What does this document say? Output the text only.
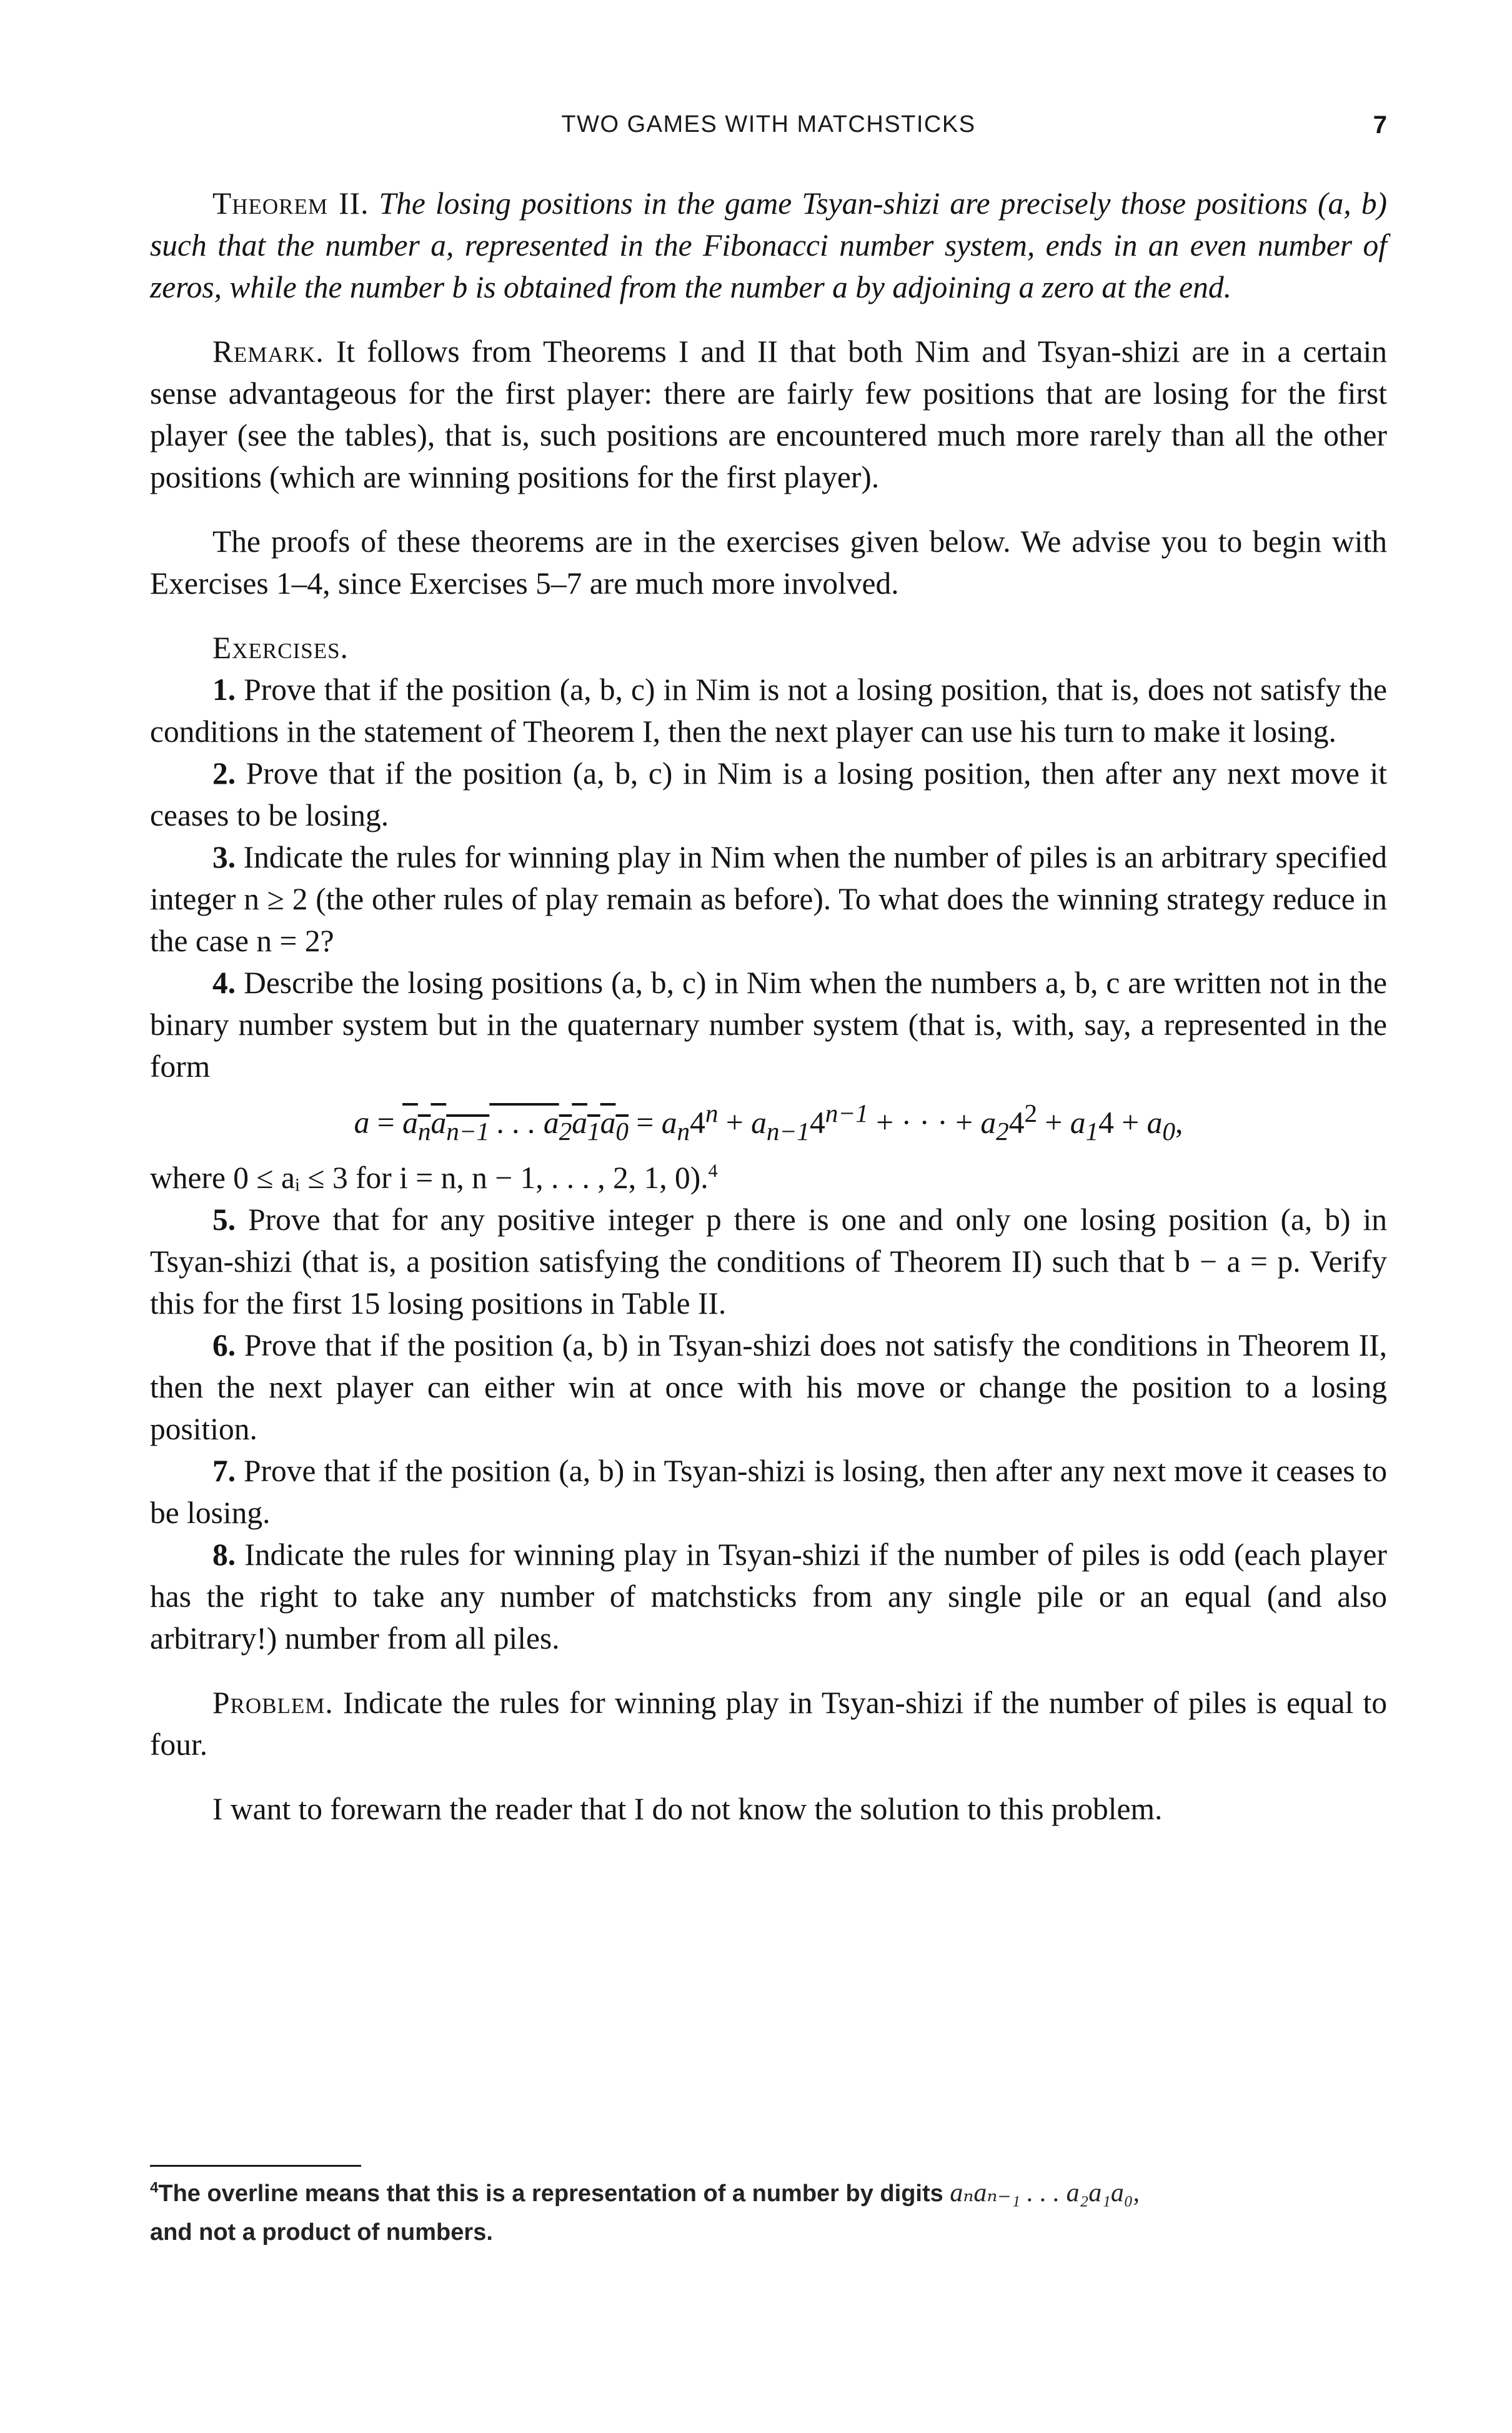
TWO GAMES WITH MATCHSTICKS	7

Theorem II. The losing positions in the game Tsyan-shizi are precisely those positions (a, b) such that the number a, represented in the Fibonacci number system, ends in an even number of zeros, while the number b is obtained from the number a by adjoining a zero at the end.

Remark. It follows from Theorems I and II that both Nim and Tsyan-shizi are in a certain sense advantageous for the first player: there are fairly few positions that are losing for the first player (see the tables), that is, such positions are encountered much more rarely than all the other positions (which are winning positions for the first player).

The proofs of these theorems are in the exercises given below. We advise you to begin with Exercises 1–4, since Exercises 5–7 are much more involved.

Exercises.

1. Prove that if the position (a, b, c) in Nim is not a losing position, that is, does not satisfy the conditions in the statement of Theorem I, then the next player can use his turn to make it losing.

2. Prove that if the position (a, b, c) in Nim is a losing position, then after any next move it ceases to be losing.

3. Indicate the rules for winning play in Nim when the number of piles is an arbitrary specified integer n ≥ 2 (the other rules of play remain as before). To what does the winning strategy reduce in the case n = 2?

4. Describe the losing positions (a, b, c) in Nim when the numbers a, b, c are written not in the binary number system but in the quaternary number system (that is, with, say, a represented in the form

$a = a_na_{n-1}$ . . . $a_2a_1a_0 = a_n4^n + a_{n-1}4^{n-1}$ + · · · + $a_24^2 + a_14 + a_0$,

where 0 ≤ aᵢ ≤ 3 for i = n, n − 1, . . . , 2, 1, 0).$^4$

5. Prove that for any positive integer p there is one and only one losing position (a, b) in Tsyan-shizi (that is, a position satisfying the conditions of Theorem II) such that b − a = p. Verify this for the first 15 losing positions in Table II.

6. Prove that if the position (a, b) in Tsyan-shizi does not satisfy the conditions in Theorem II, then the next player can either win at once with his move or change the position to a losing position.

7. Prove that if the position (a, b) in Tsyan-shizi is losing, then after any next move it ceases to be losing.

8. Indicate the rules for winning play in Tsyan-shizi if the number of piles is odd (each player has the right to take any number of matchsticks from any single pile or an equal (and also arbitrary!) number from all piles.

Problem. Indicate the rules for winning play in Tsyan-shizi if the number of piles is equal to four.

I want to forewarn the reader that I do not know the solution to this problem.

$^4$The overline means that this is a representation of a number by digits aₙaₙ₋₁ . . . a₂a₁a₀,
and not a product of numbers.
